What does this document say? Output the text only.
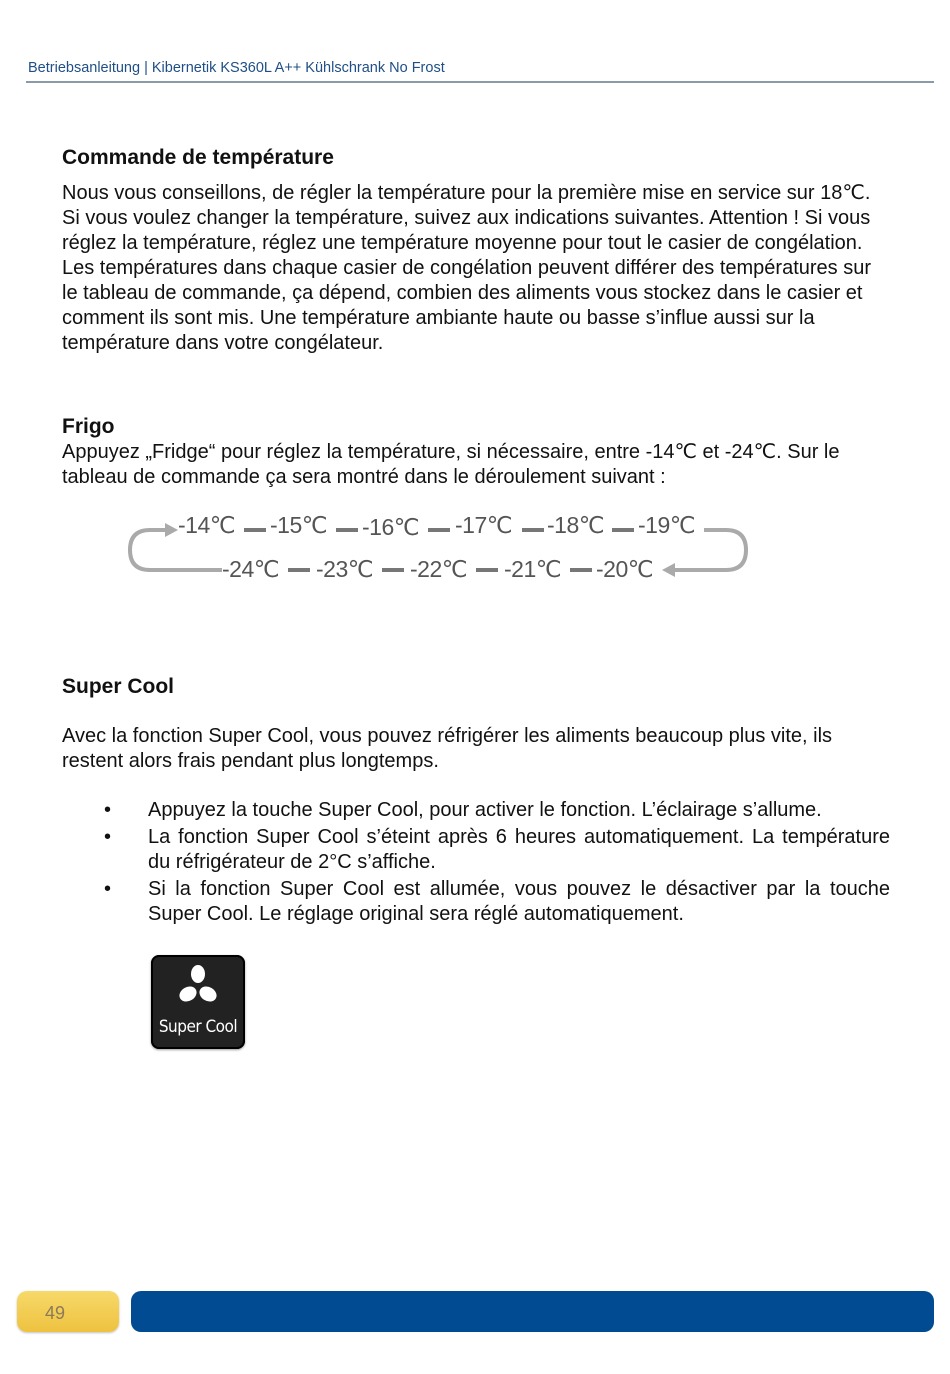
Betriebsanleitung | Kibernetik KS360L A++ Kühlschrank No Frost
Commande de température

Nous vous conseillons, de régler la température pour la première mise en service sur 18℃. Si vous voulez changer la température, suivez aux indications suivantes. Attention ! Si vous réglez la température, réglez une température moyenne pour tout le casier de congélation. Les températures dans chaque casier de congélation peuvent différer des températures sur le tableau de commande, ça dépend, combien des aliments vous stockez dans le casier et comment ils sont mis. Une température ambiante haute ou basse s’influe aussi sur la température dans votre congélateur.

Frigo

Appuyez „Fridge“ pour réglez la température, si nécessaire, entre -14℃ et -24℃. Sur le tableau de commande ça sera montré dans le déroulement suivant :

-14℃ -15℃ -16℃ -17℃ -18℃ -19℃
-24℃ -23℃ -22℃ -21℃ -20℃
Super Cool

Avec la fonction Super Cool, vous pouvez réfrigérer les aliments beaucoup plus vite, ils restent alors frais pendant plus longtemps.

• Appuyez la touche Super Cool, pour activer le fonction. L’éclairage s’allume.
• La fonction Super Cool s’éteint après 6 heures automatiquement. La température du réfrigérateur de 2°C s’affiche.
• Si la fonction Super Cool est allumée, vous pouvez le désactiver par la touche Super Cool. Le réglage original sera réglé automatiquement.
Super Cool
49
